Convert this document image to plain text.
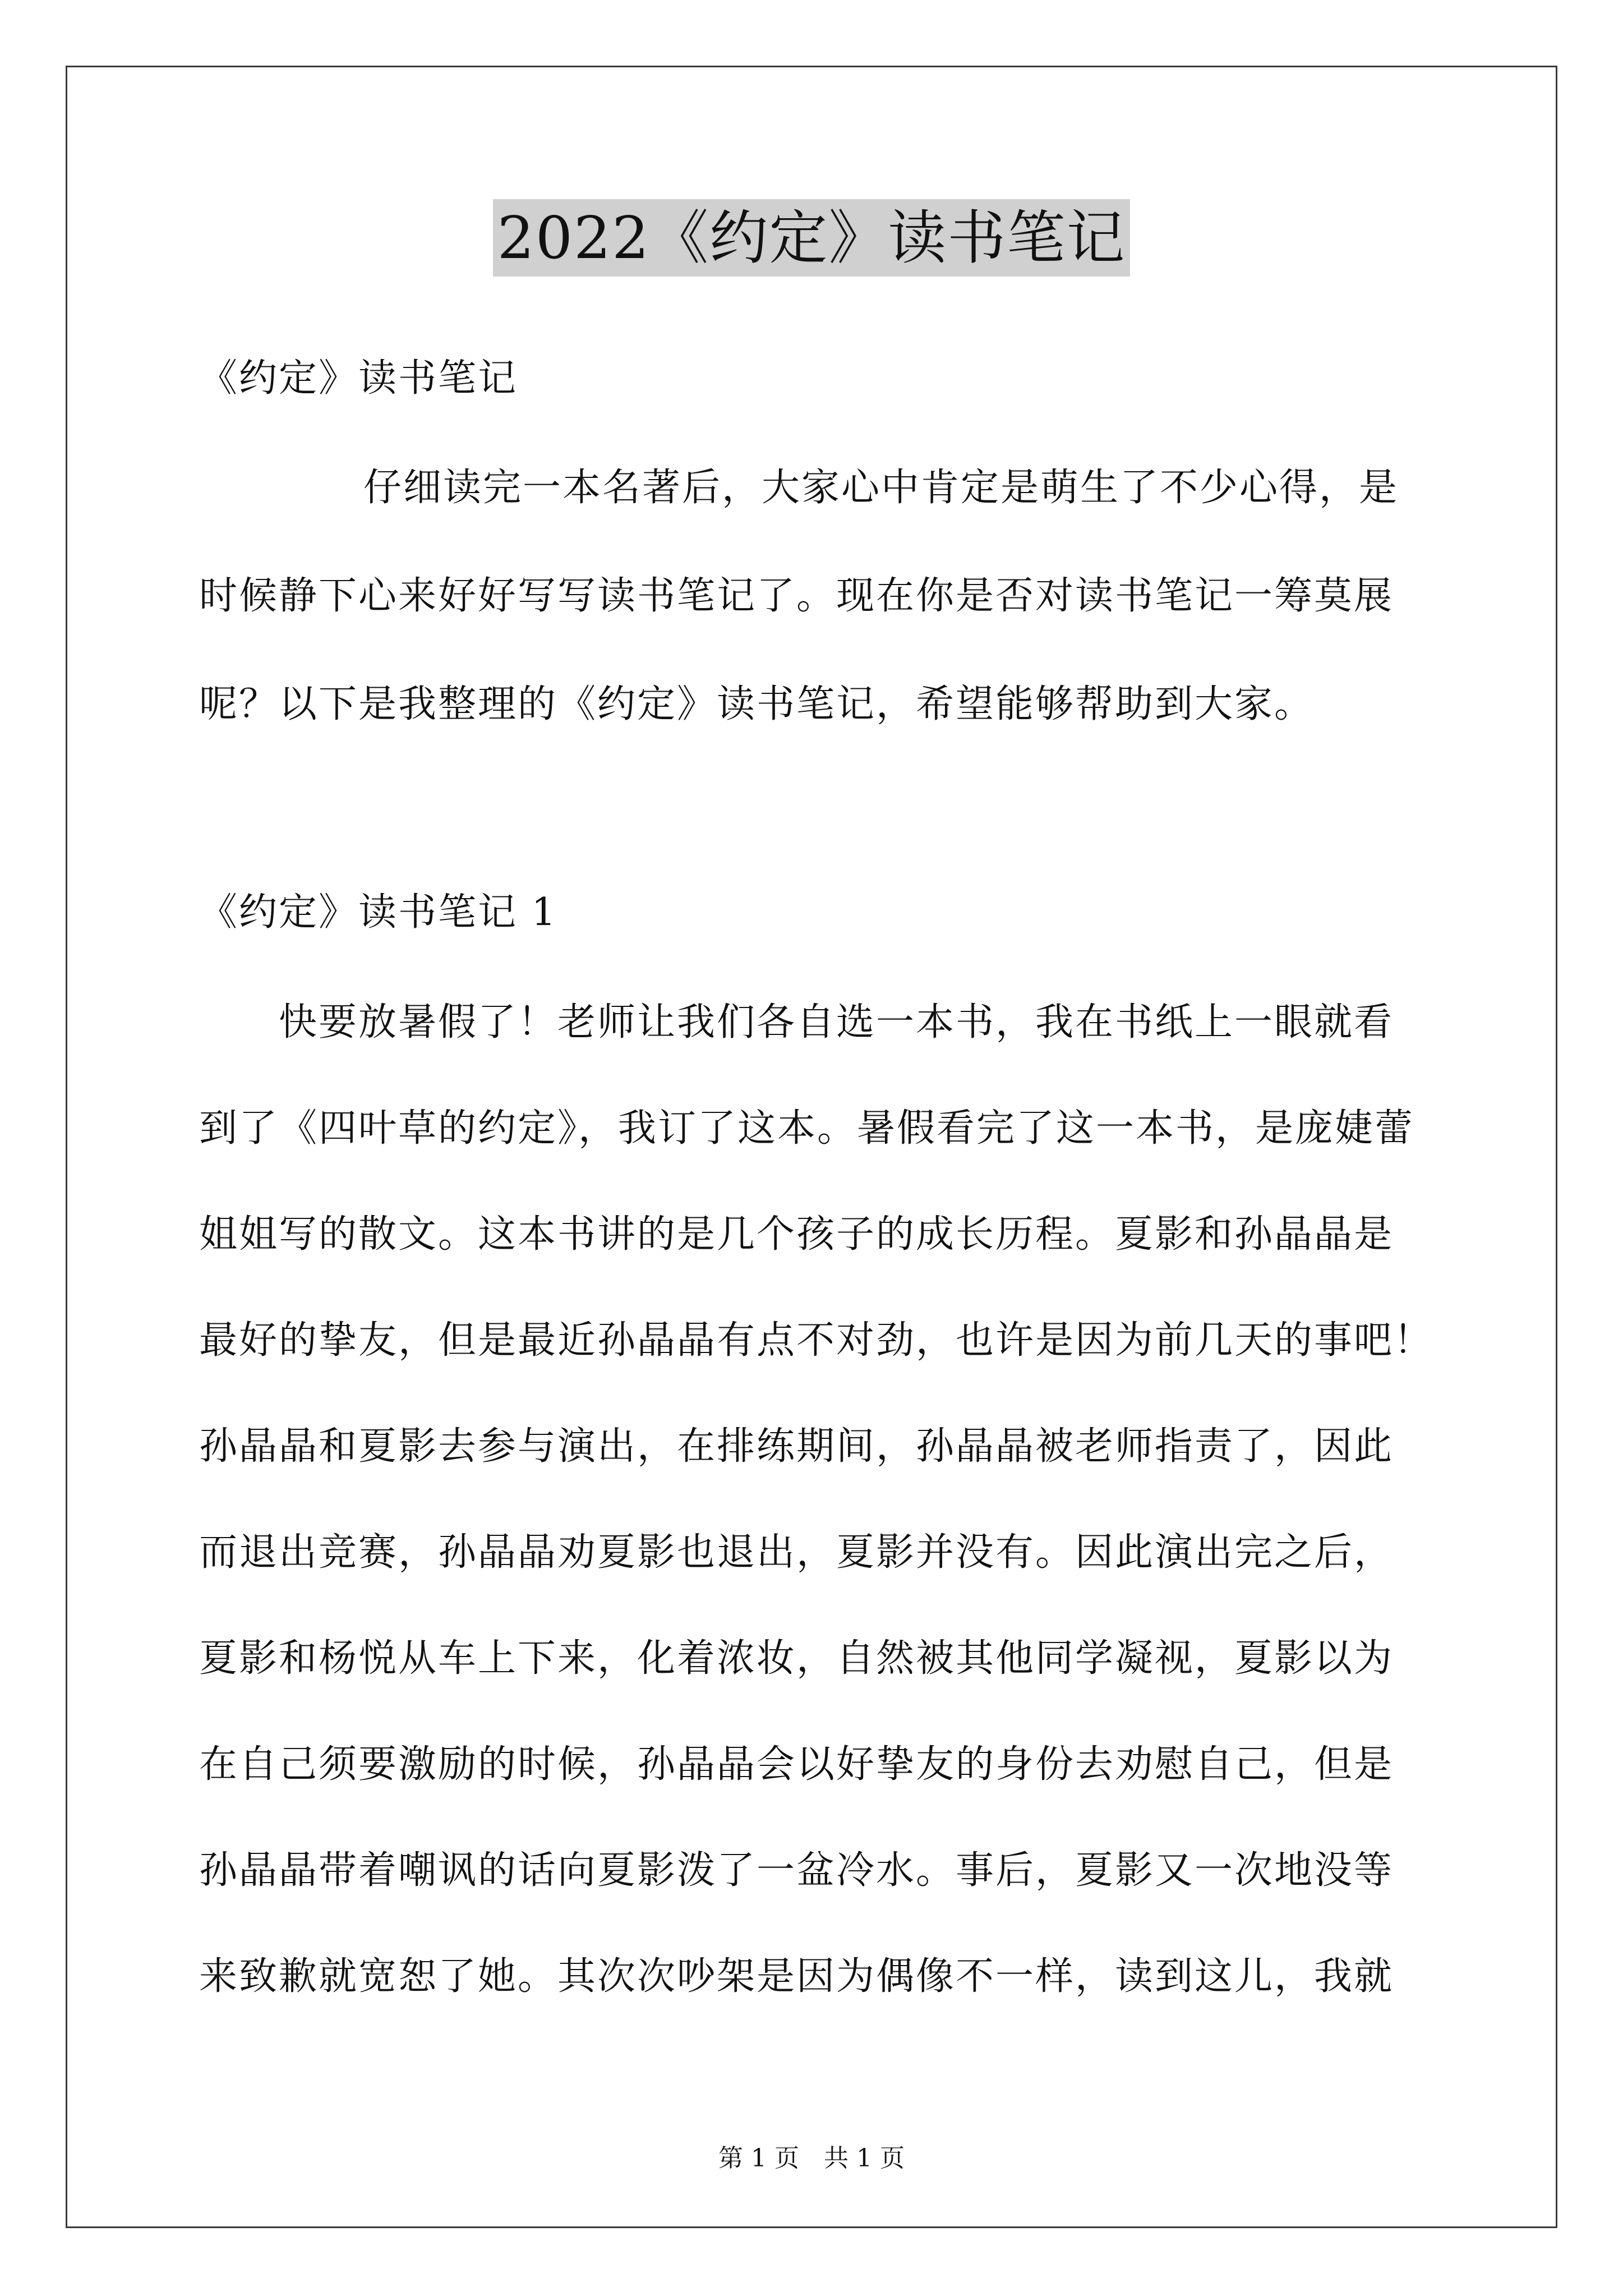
2022《约定》读书笔记
《约定》读书笔记
仔细读完一本名著后，大家心中肯定是萌生了不少心得，是
时候静下心来好好写写读书笔记了。现在你是否对读书笔记一筹莫展
呢？以下是我整理的《约定》读书笔记，希望能够帮助到大家。
《约定》读书笔记 1
快要放暑假了！老师让我们各自选一本书，我在书纸上一眼就看
到了《四叶草的约定》，我订了这本。暑假看完了这一本书，是庞婕蕾
姐姐写的散文。这本书讲的是几个孩子的成长历程。夏影和孙晶晶是
最好的挚友，但是最近孙晶晶有点不对劲，也许是因为前几天的事吧！
孙晶晶和夏影去参与演出，在排练期间，孙晶晶被老师指责了，因此
而退出竞赛，孙晶晶劝夏影也退出，夏影并没有。因此演出完之后，
夏影和杨悦从车上下来，化着浓妆，自然被其他同学凝视，夏影以为
在自己须要激励的时候，孙晶晶会以好挚友的身份去劝慰自己，但是
孙晶晶带着嘲讽的话向夏影泼了一盆冷水。事后，夏影又一次地没等
来致歉就宽恕了她。其次次吵架是因为偶像不一样，读到这儿，我就
第 1 页　共 1 页
